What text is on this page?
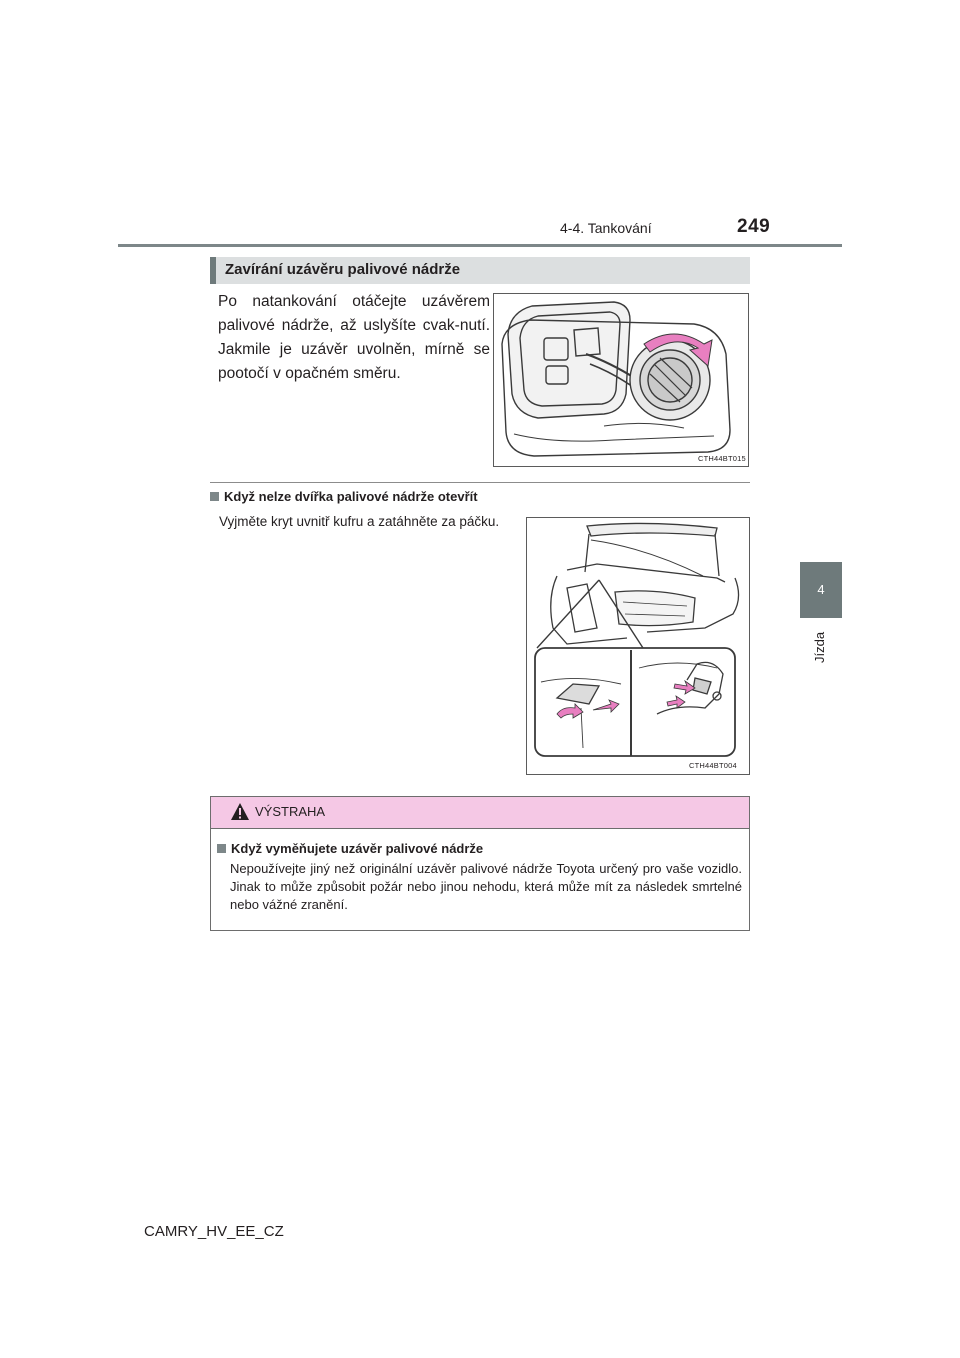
4-4. Tankování	249
4
Jízda
Zavírání uzávěru palivové nádrže
Po natankování otáčejte uzávěrem palivové nádrže, až uslyšíte cvak-nutí. Jakmile je uzávěr uvolněn, mírně se pootočí v opačném směru.
CTH44BT015
Když nelze dvířka palivové nádrže otevřít
Vyjměte kryt uvnitř kufru a zatáhněte za páčku.
CTH44BT004
VÝSTRAHA
Když vyměňujete uzávěr palivové nádrže
Nepoužívejte jiný než originální uzávěr palivové nádrže Toyota určený pro vaše vozidlo. Jinak to může způsobit požár nebo jinou nehodu, která může mít za následek smrtelné nebo vážné zranění.
CAMRY_HV_EE_CZ
